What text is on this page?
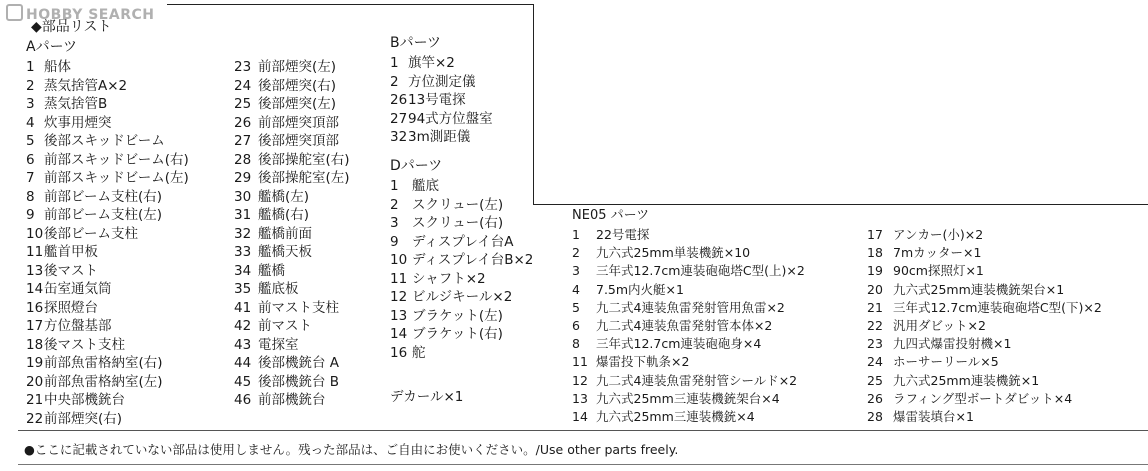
HOBBY SEARCH
◆部品リスト
Aパーツ
1 船体
2 蒸気捨管A×2
3 蒸気捨管B
4 炊事用煙突
5 後部スキッドビーム
6 前部スキッドビーム(右)
7 前部スキッドビーム(左)
8 前部ビーム支柱(右)
9 前部ビーム支柱(左)
10後部ビーム支柱
11艦首甲板
13後マスト
14缶室通気筒
16探照燈台
17方位盤基部
18後マスト支柱
19前部魚雷格納室(右)
20前部魚雷格納室(左)
21中央部機銃台
22前部煙突(右)
23 前部煙突(左)
24 後部煙突(右)
25 後部煙突(左)
26 前部煙突頂部
27 後部煙突頂部
28 後部操舵室(右)
29 後部操舵室(左)
30 艦橋(左)
31 艦橋(右)
32 艦橋前面
33 艦橋天板
34 艦橋
35 艦底板
41 前マスト支柱
42 前マスト
43 電探室
44 後部機銃台 A
45 後部機銃台 B
46 前部機銃台
Bパーツ
1 旗竿×2
2 方位測定儀
2613号電探
2794式方位盤室
323m測距儀
Dパーツ
1 艦底
2 スクリュー(左)
3 スクリュー(右)
9 ディスプレイ台A
10 ディスプレイ台B×2
11 シャフト×2
12 ビルジキール×2
13 ブラケット(左)
14 ブラケット(右)
16 舵
デカール×1
NE05 パーツ
1 22号電探
2 九六式25mm単装機銃×10
3 三年式12.7cm連装砲砲塔C型(上)×2
4 7.5m内火艇×1
5 九二式4連装魚雷発射管用魚雷×2
6 九二式4連装魚雷発射管本体×2
8 三年式12.7cm連装砲砲身×4
11 爆雷投下軌条×2
12 九二式4連装魚雷発射管シールド×2
13 九六式25mm三連装機銃架台×4
14 九六式25mm三連装機銃×4
17 アンカー(小)×2
18 7mカッター×1
19 90cm探照灯×1
20 九六式25mm連装機銃架台×1
21 三年式12.7cm連装砲砲塔C型(下)×2
22 汎用ダビット×2
23 九四式爆雷投射機×1
24 ホーサーリール×5
25 九六式25mm連装機銃×1
26 ラフィング型ボートダビット×4
28 爆雷装填台×1
●ここに記載されていない部品は使用しません。残った部品は、ご自由にお使いください。/Use other parts freely.
